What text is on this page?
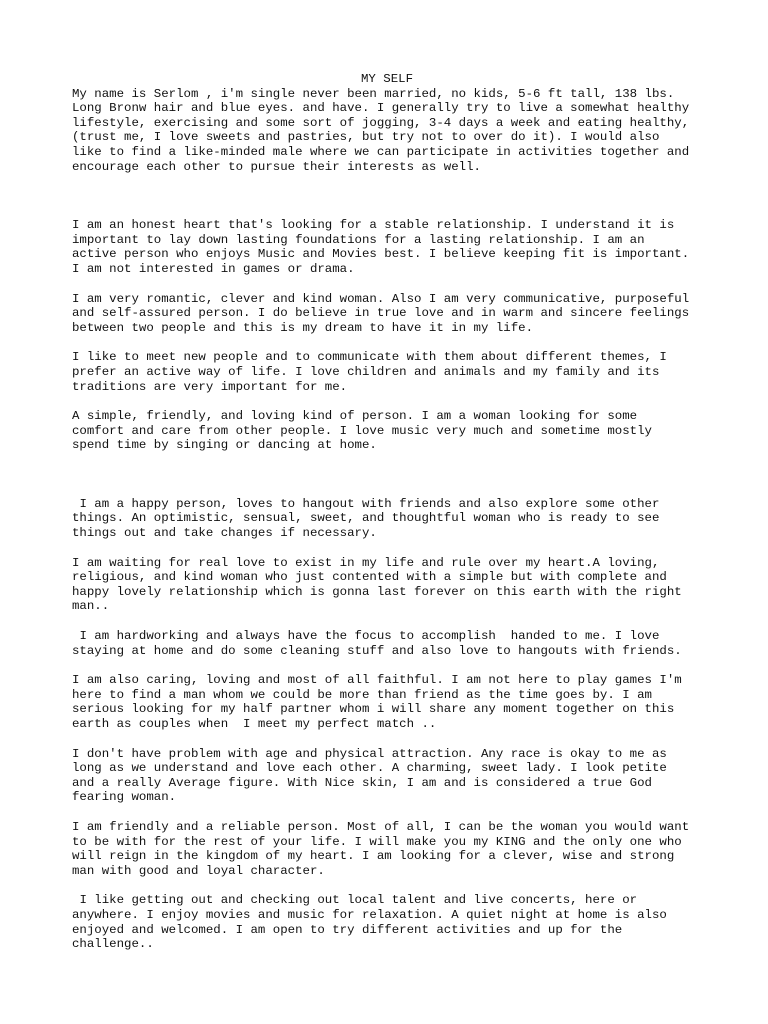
MY SELF

My name is Serlom , i'm single never been married, no kids, 5-6 ft tall, 138 lbs.
Long Bronw hair and blue eyes. and have. I generally try to live a somewhat healthy
lifestyle, exercising and some sort of jogging, 3-4 days a week and eating healthy,
(trust me, I love sweets and pastries, but try not to over do it). I would also
like to find a like-minded male where we can participate in activities together and
encourage each other to pursue their interests as well.

I am an honest heart that's looking for a stable relationship. I understand it is
important to lay down lasting foundations for a lasting relationship. I am an
active person who enjoys Music and Movies best. I believe keeping fit is important.
I am not interested in games or drama.

I am very romantic, clever and kind woman. Also I am very communicative, purposeful
and self-assured person. I do believe in true love and in warm and sincere feelings
between two people and this is my dream to have it in my life.

I like to meet new people and to communicate with them about different themes, I
prefer an active way of life. I love children and animals and my family and its
traditions are very important for me.

A simple, friendly, and loving kind of person. I am a woman looking for some
comfort and care from other people. I love music very much and sometime mostly
spend time by singing or dancing at home.

I am a happy person, loves to hangout with friends and also explore some other
things. An optimistic, sensual, sweet, and thoughtful woman who is ready to see
things out and take changes if necessary.

I am waiting for real love to exist in my life and rule over my heart.A loving,
religious, and kind woman who just contented with a simple but with complete and
happy lovely relationship which is gonna last forever on this earth with the right
man..

I am hardworking and always have the focus to accomplish  handed to me. I love
staying at home and do some cleaning stuff and also love to hangouts with friends.

I am also caring, loving and most of all faithful. I am not here to play games I'm
here to find a man whom we could be more than friend as the time goes by. I am
serious looking for my half partner whom i will share any moment together on this
earth as couples when  I meet my perfect match ..

I don't have problem with age and physical attraction. Any race is okay to me as
long as we understand and love each other. A charming, sweet lady. I look petite
and a really Average figure. With Nice skin, I am and is considered a true God
fearing woman.

I am friendly and a reliable person. Most of all, I can be the woman you would want
to be with for the rest of your life. I will make you my KING and the only one who
will reign in the kingdom of my heart. I am looking for a clever, wise and strong
man with good and loyal character.

I like getting out and checking out local talent and live concerts, here or
anywhere. I enjoy movies and music for relaxation. A quiet night at home is also
enjoyed and welcomed. I am open to try different activities and up for the
challenge..
